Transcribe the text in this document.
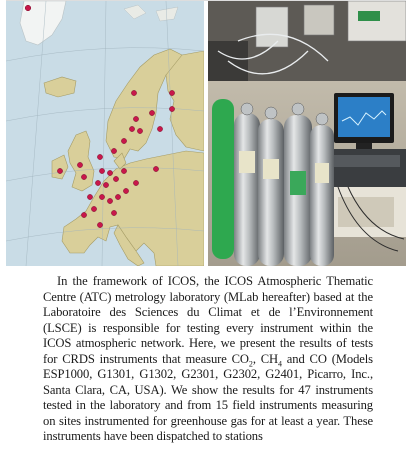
In the framework of ICOS, the ICOS Atmospheric Thematic Centre (ATC) metrology laboratory (MLab hereafter) based at the Laboratoire des Sciences du Climat et de l’Environnement (LSCE) is responsible for testing every instrument within the ICOS atmospheric network. Here, we present the results of tests for CRDS instruments that measure $CO_2$, $CH_4$ and CO (Models ESP1000, G1301, G1302, G2301, G2302, G2401, Picarro, Inc., Santa Clara, CA, USA). We show the results for 47 instruments tested in the laboratory and from 15 field instruments measuring on sites instrumented for greenhouse gas for at least a year. These instruments have been dispatched to stations
